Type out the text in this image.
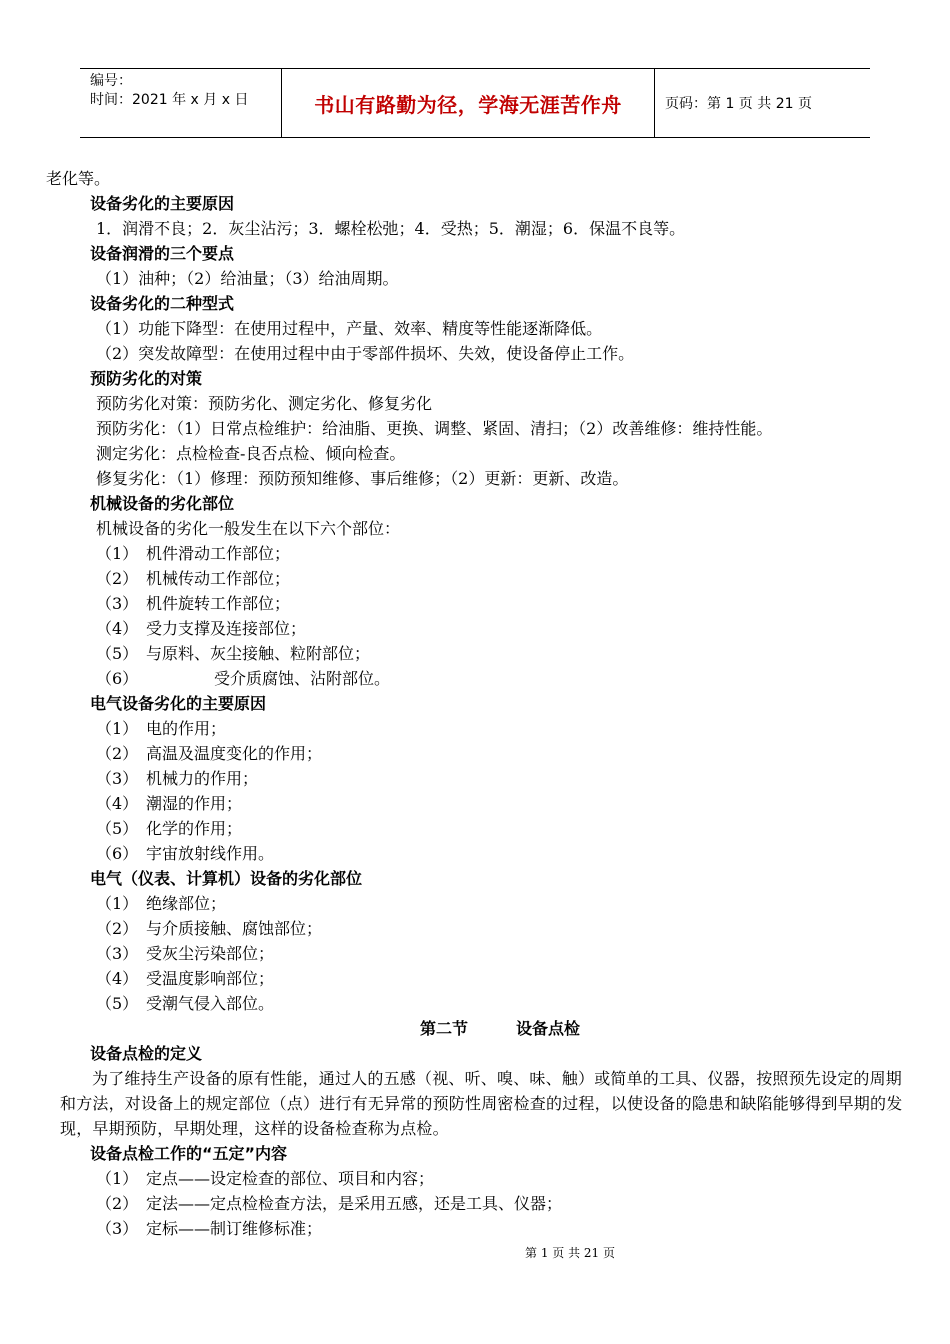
编号：
时间：2021 年 x 月 x 日	书山有路勤为径，学海无涯苦作舟	页码：第 1 页 共 21 页
老化等。
设备劣化的主要原因
1．润滑不良；2．灰尘沾污；3．螺栓松弛；4．受热；5．潮湿；6．保温不良等。
设备润滑的三个要点
（1）油种；（2）给油量；（3）给油周期。
设备劣化的二种型式
（1）功能下降型：在使用过程中，产量、效率、精度等性能逐渐降低。
（2）突发故障型：在使用过程中由于零部件损坏、失效，使设备停止工作。
预防劣化的对策
预防劣化对策：预防劣化、测定劣化、修复劣化
预防劣化：（1）日常点检维护：给油脂、更换、调整、紧固、清扫；（2）改善维修：维持性能。
测定劣化：点检检查-良否点检、倾向检查。
修复劣化：（1）修理：预防预知维修、事后维修；（2）更新：更新、改造。
机械设备的劣化部位
机械设备的劣化一般发生在以下六个部位：
（1） 机件滑动工作部位；
（2） 机械传动工作部位；
（3） 机件旋转工作部位；
（4） 受力支撑及连接部位；
（5） 与原料、灰尘接触、粒附部位；
（6）	受介质腐蚀、沾附部位。
电气设备劣化的主要原因
（1） 电的作用；
（2） 高温及温度变化的作用；
（3） 机械力的作用；
（4） 潮湿的作用；
（5） 化学的作用；
（6） 宇宙放射线作用。
电气（仪表、计算机）设备的劣化部位
（1） 绝缘部位；
（2） 与介质接触、腐蚀部位；
（3） 受灰尘污染部位；
（4） 受温度影响部位；
（5） 受潮气侵入部位。
第二节　　　设备点检
设备点检的定义
为了维持生产设备的原有性能，通过人的五感（视、听、嗅、味、触）或简单的工具、仪器，按照预先设定的周期和方法，对设备上的规定部位（点）进行有无异常的预防性周密检查的过程，以使设备的隐患和缺陷能够得到早期的发现，早期预防，早期处理，这样的设备检查称为点检。
设备点检工作的“五定”内容
（1） 定点——设定检查的部位、项目和内容；
（2） 定法——定点检检查方法，是采用五感，还是工具、仪器；
（3） 定标——制订维修标准；
第 1 页 共 21 页
